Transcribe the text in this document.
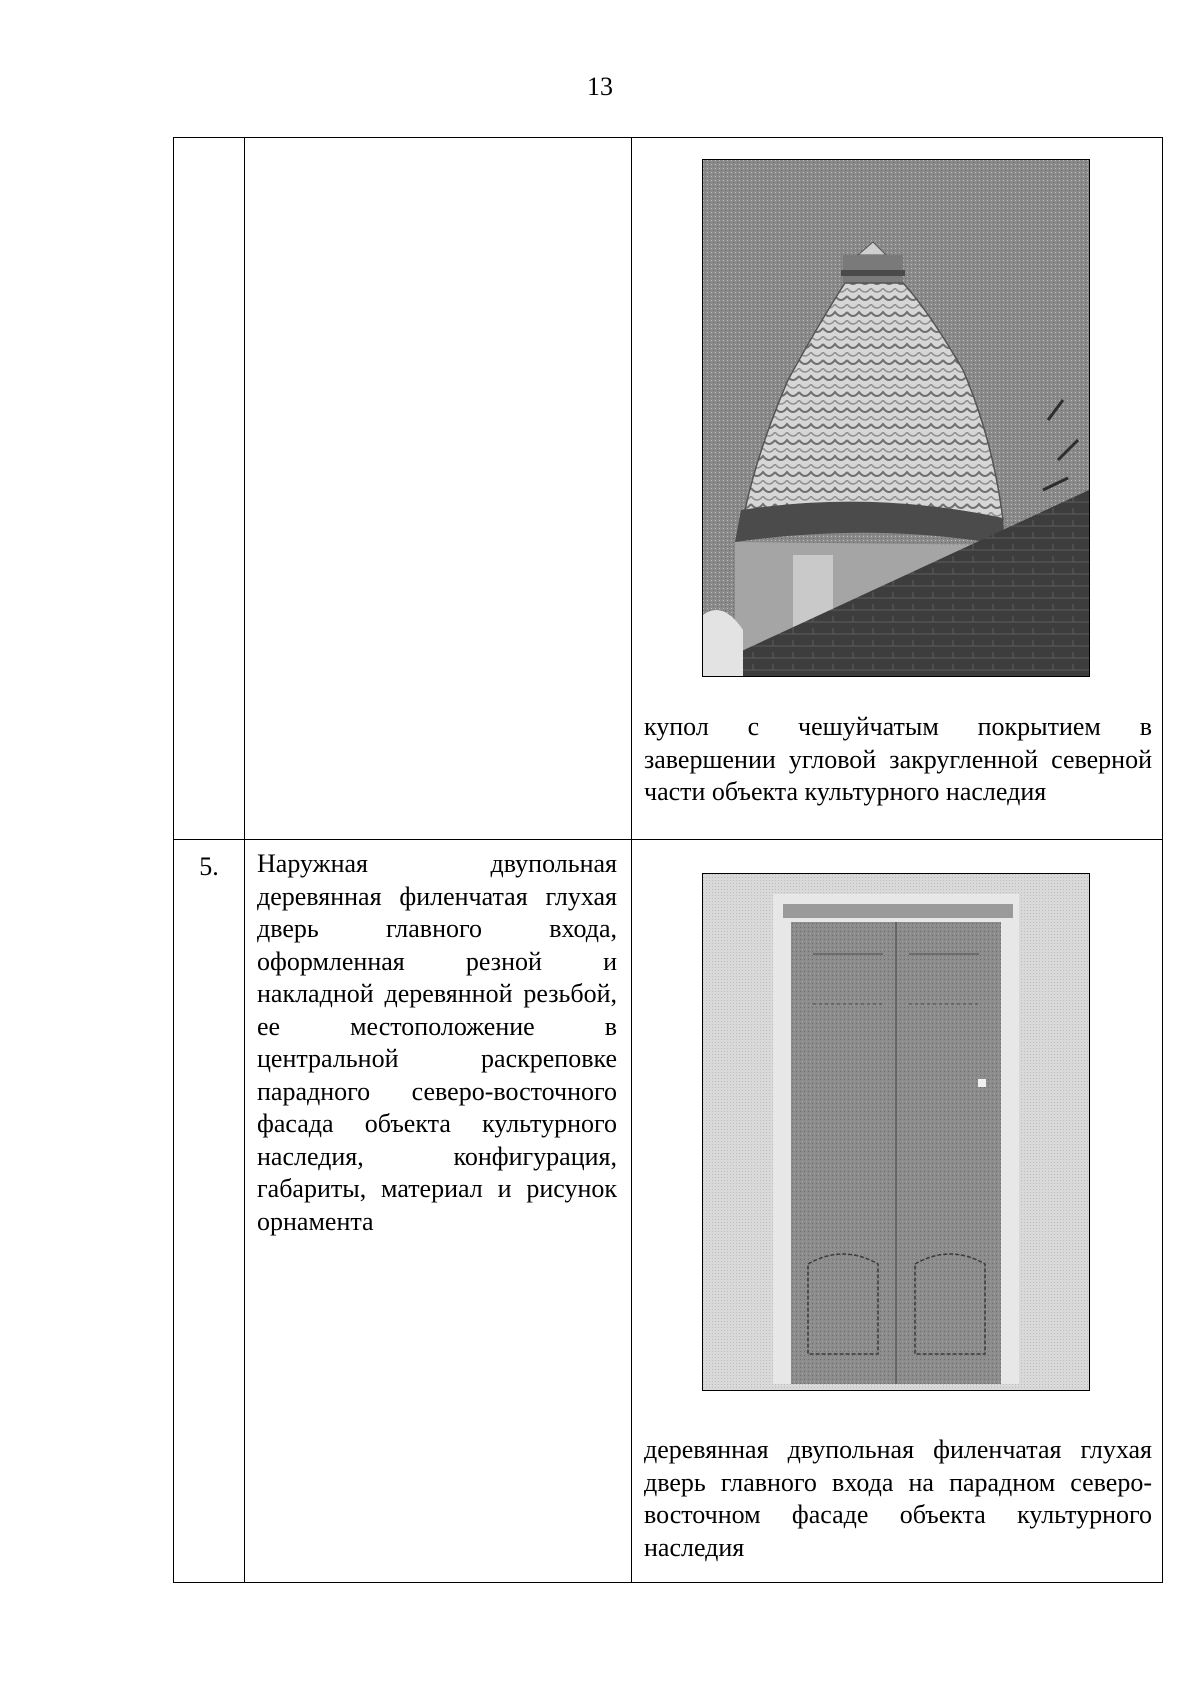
13

		купол с чешуйчатым покрытием в завершении угловой закругленной северной части объекта культурного наследия

5.	Наружная двупольная деревянная филенчатая глухая дверь главного входа, оформленная резной и накладной деревянной резьбой, ее местоположение в центральной раскреповке парадного северо-восточного фасада объекта культурного наследия, конфигурация, габариты, материал и рисунок орнамента	деревянная двупольная филенчатая глухая дверь главного входа на парадном северо-восточном фасаде объекта культурного наследия
